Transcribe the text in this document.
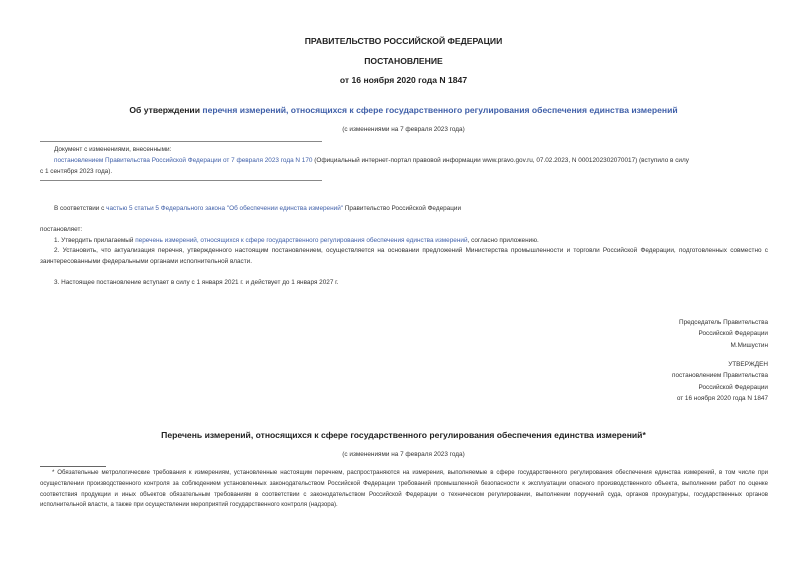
ПРАВИТЕЛЬСТВО РОССИЙСКОЙ ФЕДЕРАЦИИ
ПОСТАНОВЛЕНИЕ
от 16 ноября 2020 года N 1847
Об утверждении перечня измерений, относящихся к сфере государственного регулирования обеспечения единства измерений
(с изменениями на 7 февраля 2023 года)
Документ с изменениями, внесенными:
постановлением Правительства Российской Федерации от 7 февраля 2023 года N 170 (Официальный интернет-портал правовой информации www.pravo.gov.ru, 07.02.2023, N 0001202302070017) (вступило в силу
с 1 сентября 2023 года).
В соответствии с частью 5 статьи 5 Федерального закона "Об обеспечении единства измерений" Правительство Российской Федерации
постановляет:
1. Утвердить прилагаемый перечень измерений, относящихся к сфере государственного регулирования обеспечения единства измерений, согласно приложению.
2. Установить, что актуализация перечня, утвержденного настоящим постановлением, осуществляется на основании предложений Министерства промышленности и торговли Российской Федерации, подготовленных совместно с заинтересованными федеральными органами исполнительной власти.
3. Настоящее постановление вступает в силу с 1 января 2021 г. и действует до 1 января 2027 г.
Председатель Правительства
Российской Федерации
М.Мишустин
УТВЕРЖДЕН
постановлением Правительства
Российской Федерации
от 16 ноября 2020 года N 1847
Перечень измерений, относящихся к сфере государственного регулирования обеспечения единства измерений*
(с изменениями на 7 февраля 2023 года)
* Обязательные метрологические требования к измерениям, установленные настоящим перечнем, распространяются на измерения, выполняемые в сфере государственного регулирования обеспечения единства измерений, в том числе при осуществлении производственного контроля за соблюдением установленных законодательством Российской Федерации требований промышленной безопасности к эксплуатации опасного производственного объекта, выполнении работ по оценке соответствия продукции и иных объектов обязательным требованиям в соответствии с законодательством Российской Федерации о техническом регулировании, выполнении поручений суда, органов прокуратуры, государственных органов исполнительной власти, а также при осуществлении мероприятий государственного контроля (надзора).
